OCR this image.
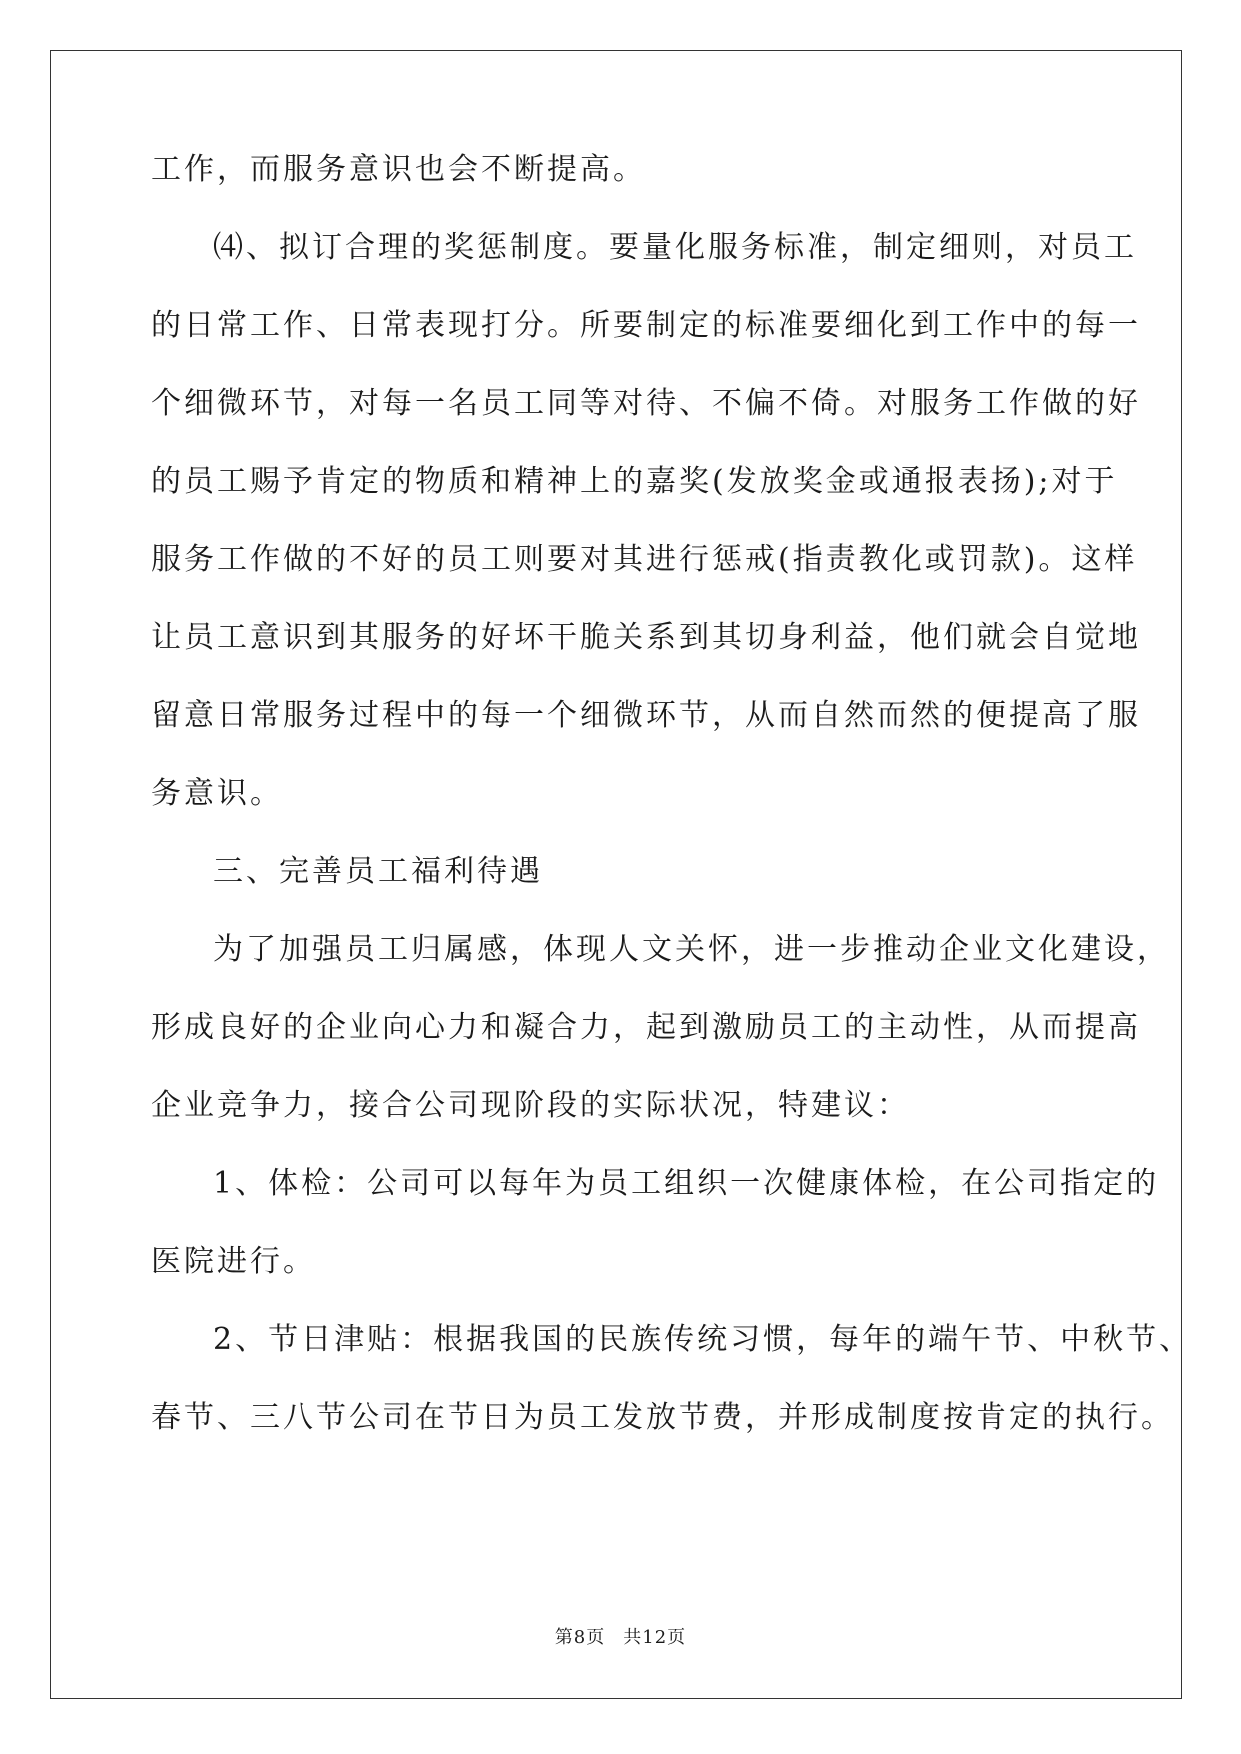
工作，而服务意识也会不断提高。
⑷、拟订合理的奖惩制度。要量化服务标准，制定细则，对员工
的日常工作、日常表现打分。所要制定的标准要细化到工作中的每一
个细微环节，对每一名员工同等对待、不偏不倚。对服务工作做的好
的员工赐予肯定的物质和精神上的嘉奖(发放奖金或通报表扬);对于
服务工作做的不好的员工则要对其进行惩戒(指责教化或罚款)。这样
让员工意识到其服务的好坏干脆关系到其切身利益，他们就会自觉地
留意日常服务过程中的每一个细微环节，从而自然而然的便提高了服
务意识。
三、完善员工福利待遇
为了加强员工归属感，体现人文关怀，进一步推动企业文化建设，
形成良好的企业向心力和凝合力，起到激励员工的主动性，从而提高
企业竞争力，接合公司现阶段的实际状况，特建议：
1、体检：公司可以每年为员工组织一次健康体检，在公司指定的
医院进行。
2、节日津贴：根据我国的民族传统习惯，每年的端午节、中秋节、
春节、三八节公司在节日为员工发放节费，并形成制度按肯定的执行。
第8页 共12页
